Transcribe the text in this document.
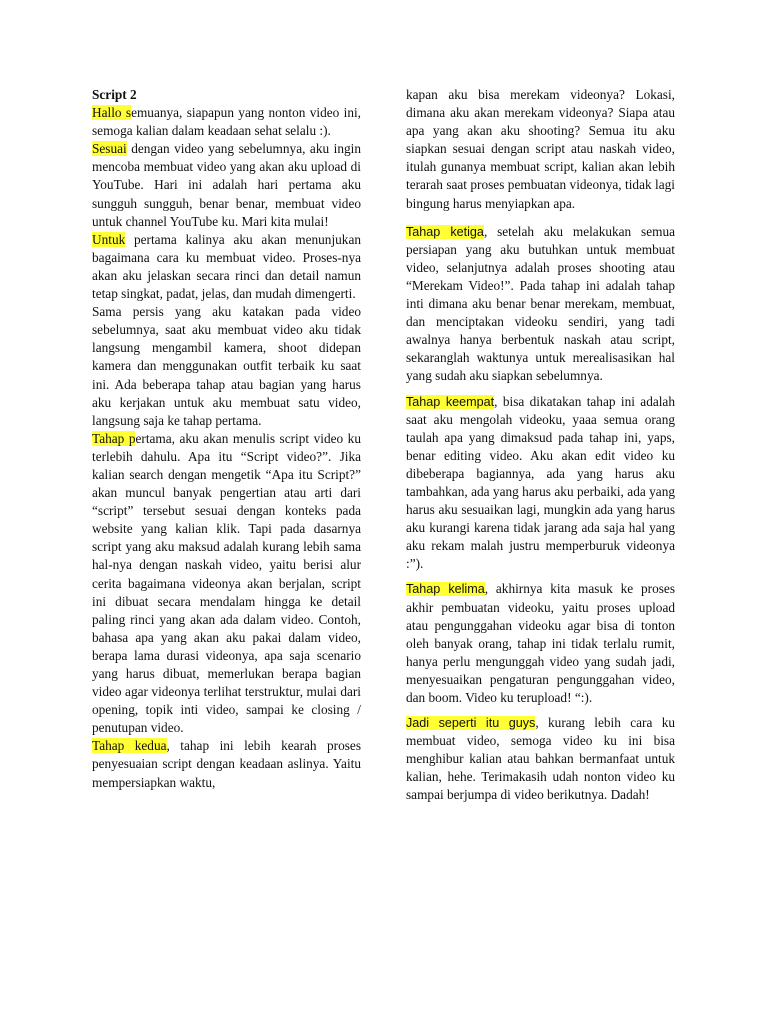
Script 2

Hallo semuanya, siapapun yang nonton video ini, semoga kalian dalam keadaan sehat selalu :).

Sesuai dengan video yang sebelumnya, aku ingin mencoba membuat video yang akan aku upload di YouTube. Hari ini adalah hari pertama aku sungguh sungguh, benar benar, membuat video untuk channel YouTube ku. Mari kita mulai!

Untuk pertama kalinya aku akan menunjukan bagaimana cara ku membuat video. Proses-nya akan aku jelaskan secara rinci dan detail namun tetap singkat, padat, jelas, dan mudah dimengerti.

Sama persis yang aku katakan pada video sebelumnya, saat aku membuat video aku tidak langsung mengambil kamera, shoot didepan kamera dan menggunakan outfit terbaik ku saat ini. Ada beberapa tahap atau bagian yang harus aku kerjakan untuk aku membuat satu video, langsung saja ke tahap pertama.

Tahap pertama, aku akan menulis script video ku terlebih dahulu. Apa itu “Script video?”. Jika kalian search dengan mengetik “Apa itu Script?” akan muncul banyak pengertian atau arti dari “script” tersebut sesuai dengan konteks pada website yang kalian klik. Tapi pada dasarnya script yang aku maksud adalah kurang lebih sama hal-nya dengan naskah video, yaitu berisi alur cerita bagaimana videonya akan berjalan, script ini dibuat secara mendalam hingga ke detail paling rinci yang akan ada dalam video. Contoh, bahasa apa yang akan aku pakai dalam video, berapa lama durasi videonya, apa saja scenario yang harus dibuat, memerlukan berapa bagian video agar videonya terlihat terstruktur, mulai dari opening, topik inti video, sampai ke closing / penutupan video.

Tahap kedua, tahap ini lebih kearah proses penyesuaian script dengan keadaan aslinya. Yaitu mempersiapkan waktu,

kapan aku bisa merekam videonya? Lokasi, dimana aku akan merekam videonya? Siapa atau apa yang akan aku shooting? Semua itu aku siapkan sesuai dengan script atau naskah video, itulah gunanya membuat script, kalian akan lebih terarah saat proses pembuatan videonya, tidak lagi bingung harus menyiapkan apa.

Tahap ketiga, setelah aku melakukan semua persiapan yang aku butuhkan untuk membuat video, selanjutnya adalah proses shooting atau “Merekam Video!”. Pada tahap ini adalah tahap inti dimana aku benar benar merekam, membuat, dan menciptakan videoku sendiri, yang tadi awalnya hanya berbentuk naskah atau script, sekaranglah waktunya untuk merealisasikan hal yang sudah aku siapkan sebelumnya.

Tahap keempat, bisa dikatakan tahap ini adalah saat aku mengolah videoku, yaaa semua orang taulah apa yang dimaksud pada tahap ini, yaps, benar editing video. Aku akan edit video ku dibeberapa bagiannya, ada yang harus aku tambahkan, ada yang harus aku perbaiki, ada yang harus aku sesuaikan lagi, mungkin ada yang harus aku kurangi karena tidak jarang ada saja hal yang aku rekam malah justru memperburuk videonya :”).

Tahap kelima, akhirnya kita masuk ke proses akhir pembuatan videoku, yaitu proses upload atau pengunggahan videoku agar bisa di tonton oleh banyak orang, tahap ini tidak terlalu rumit, hanya perlu mengunggah video yang sudah jadi, menyesuaikan pengaturan pengunggahan video, dan boom. Video ku terupload! “:).

Jadi seperti itu guys, kurang lebih cara ku membuat video, semoga video ku ini bisa menghibur kalian atau bahkan bermanfaat untuk kalian, hehe. Terimakasih udah nonton video ku sampai berjumpa di video berikutnya. Dadah!
